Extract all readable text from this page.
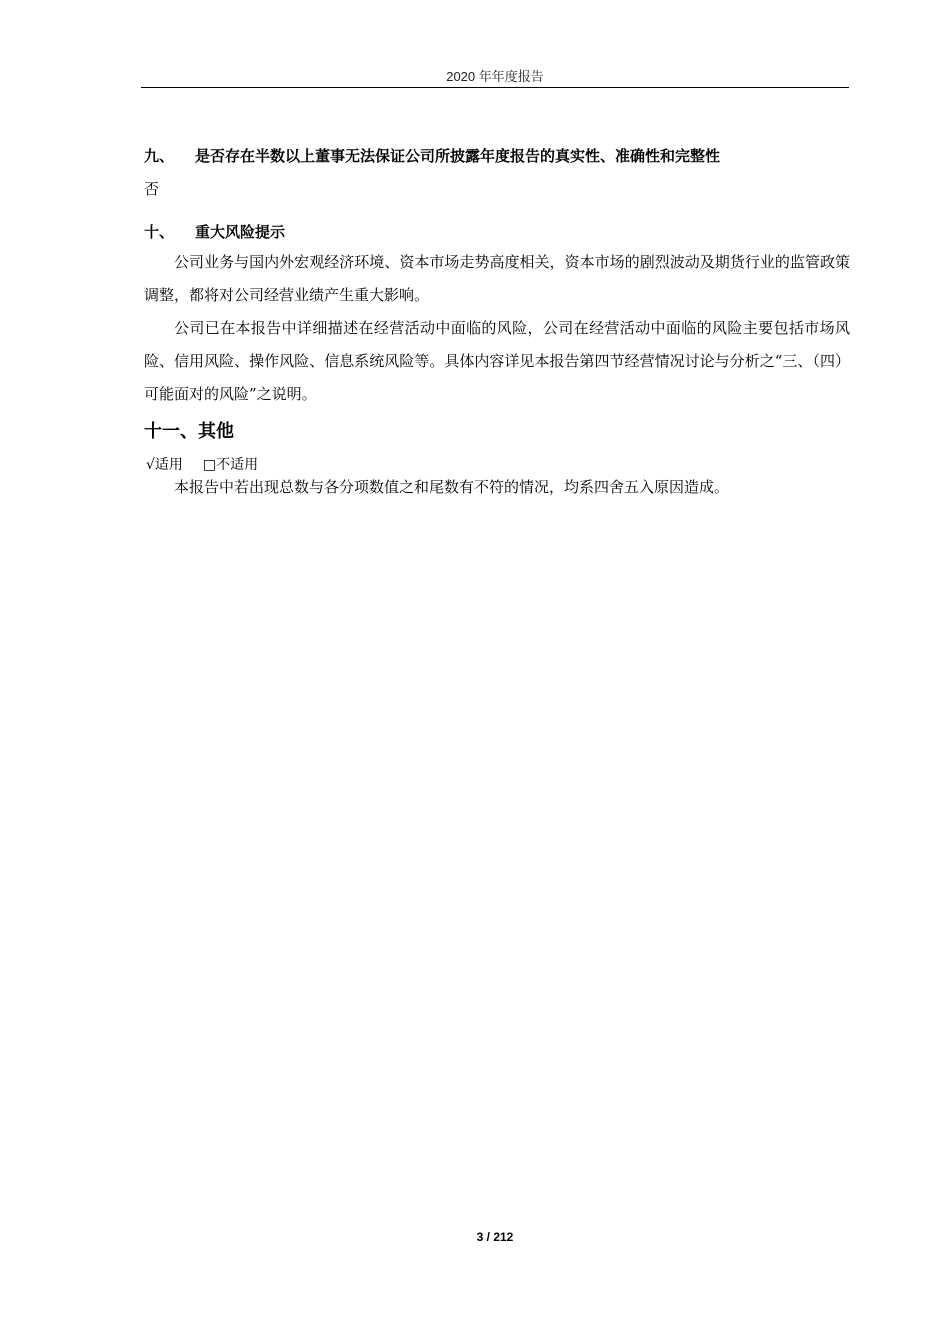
2020 年年度报告
九、 是否存在半数以上董事无法保证公司所披露年度报告的真实性、准确性和完整性
否
十、 重大风险提示
公司业务与国内外宏观经济环境、资本市场走势高度相关，资本市场的剧烈波动及期货行业的监管政策调整，都将对公司经营业绩产生重大影响。
公司已在本报告中详细描述在经营活动中面临的风险，公司在经营活动中面临的风险主要包括市场风险、信用风险、操作风险、信息系统风险等。具体内容详见本报告第四节经营情况讨论与分析之“三、（四）可能面对的风险”之说明。
十一、其他
√适用 □不适用
本报告中若出现总数与各分项数值之和尾数有不符的情况，均系四舍五入原因造成。
3 / 212
